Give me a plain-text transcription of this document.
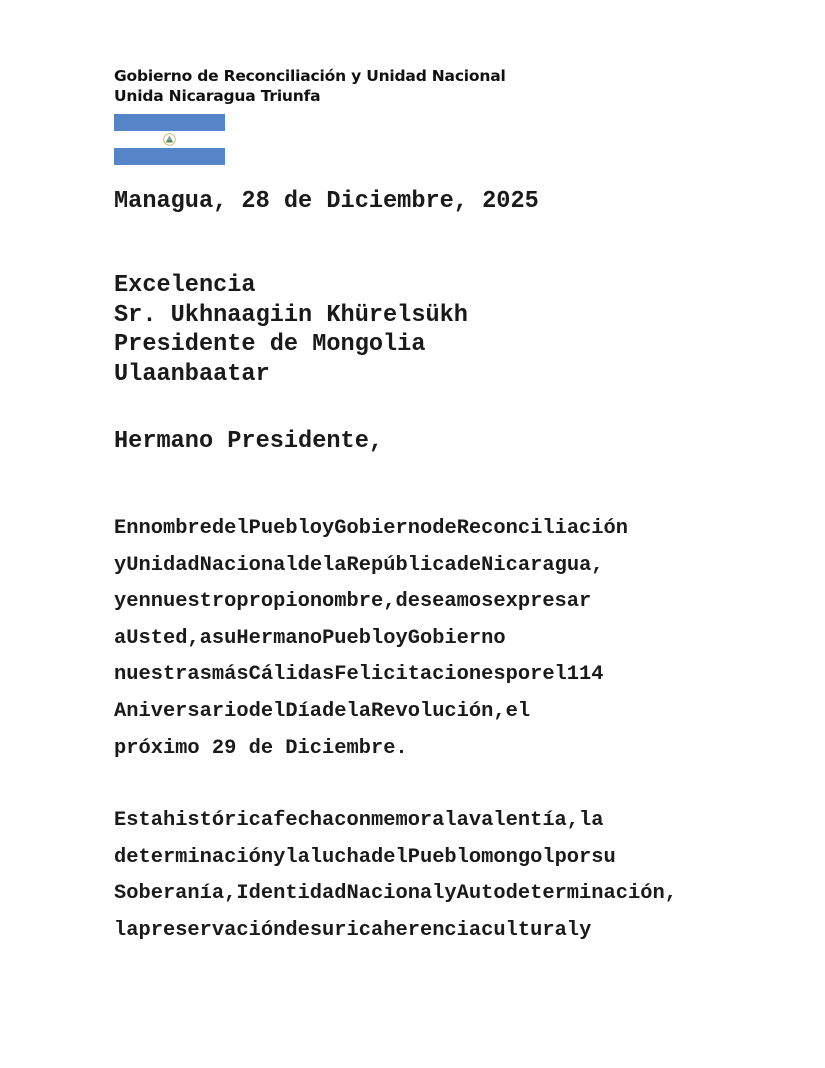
Gobierno de Reconciliación y Unidad Nacional
Unida Nicaragua Triunfa
Managua, 28 de Diciembre, 2025
Excelencia
Sr. Ukhnaagiin Khürelsükh
Presidente de Mongolia
Ulaanbaatar
Hermano Presidente,
EnnombredelPuebloyGobiernodeReconciliación
yUnidadNacionaldelaRepúblicadeNicaragua,
yennuestropropionombre,deseamosexpresar
aUsted,asuHermanoPuebloyGobierno
nuestrasmásCálidasFelicitacionesporel114
AniversariodelDíadelaRevolución,el
próximo 29 de Diciembre.
Estahistóricafechaconmemoralavalentía,la
determinaciónylaluchadelPueblomongolporsu
Soberanía,IdentidadNacionalyAutodeterminación,
lapreservacióndesuricaherenciaculturaly
